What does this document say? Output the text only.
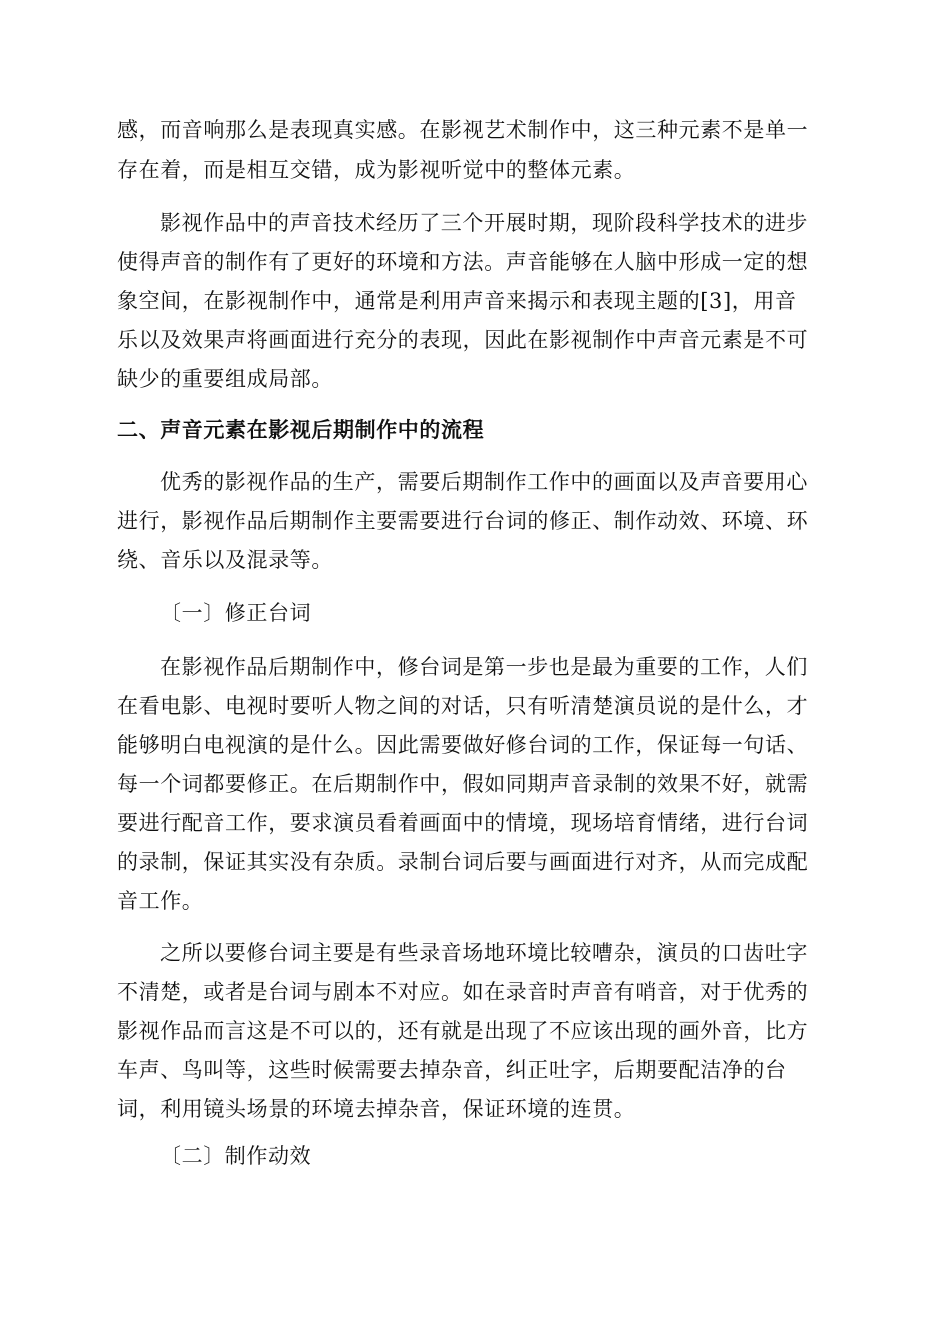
感，而音响那么是表现真实感。在影视艺术制作中，这三种元素不是单一
存在着，而是相互交错，成为影视听觉中的整体元素。
影视作品中的声音技术经历了三个开展时期，现阶段科学技术的进步
使得声音的制作有了更好的环境和方法。声音能够在人脑中形成一定的想
象空间，在影视制作中，通常是利用声音来揭示和表现主题的[3]，用音
乐以及效果声将画面进行充分的表现，因此在影视制作中声音元素是不可
缺少的重要组成局部。
二、声音元素在影视后期制作中的流程
优秀的影视作品的生产，需要后期制作工作中的画面以及声音要用心
进行，影视作品后期制作主要需要进行台词的修正、制作动效、环境、环
绕、音乐以及混录等。
〔一〕修正台词
在影视作品后期制作中，修台词是第一步也是最为重要的工作，人们
在看电影、电视时要听人物之间的对话，只有听清楚演员说的是什么，才
能够明白电视演的是什么。因此需要做好修台词的工作，保证每一句话、
每一个词都要修正。在后期制作中，假如同期声音录制的效果不好，就需
要进行配音工作，要求演员看着画面中的情境，现场培育情绪，进行台词
的录制，保证其实没有杂质。录制台词后要与画面进行对齐，从而完成配
音工作。
之所以要修台词主要是有些录音场地环境比较嘈杂，演员的口齿吐字
不清楚，或者是台词与剧本不对应。如在录音时声音有哨音，对于优秀的
影视作品而言这是不可以的，还有就是出现了不应该出现的画外音，比方
车声、鸟叫等，这些时候需要去掉杂音，纠正吐字，后期要配洁净的台
词，利用镜头场景的环境去掉杂音，保证环境的连贯。
〔二〕制作动效
